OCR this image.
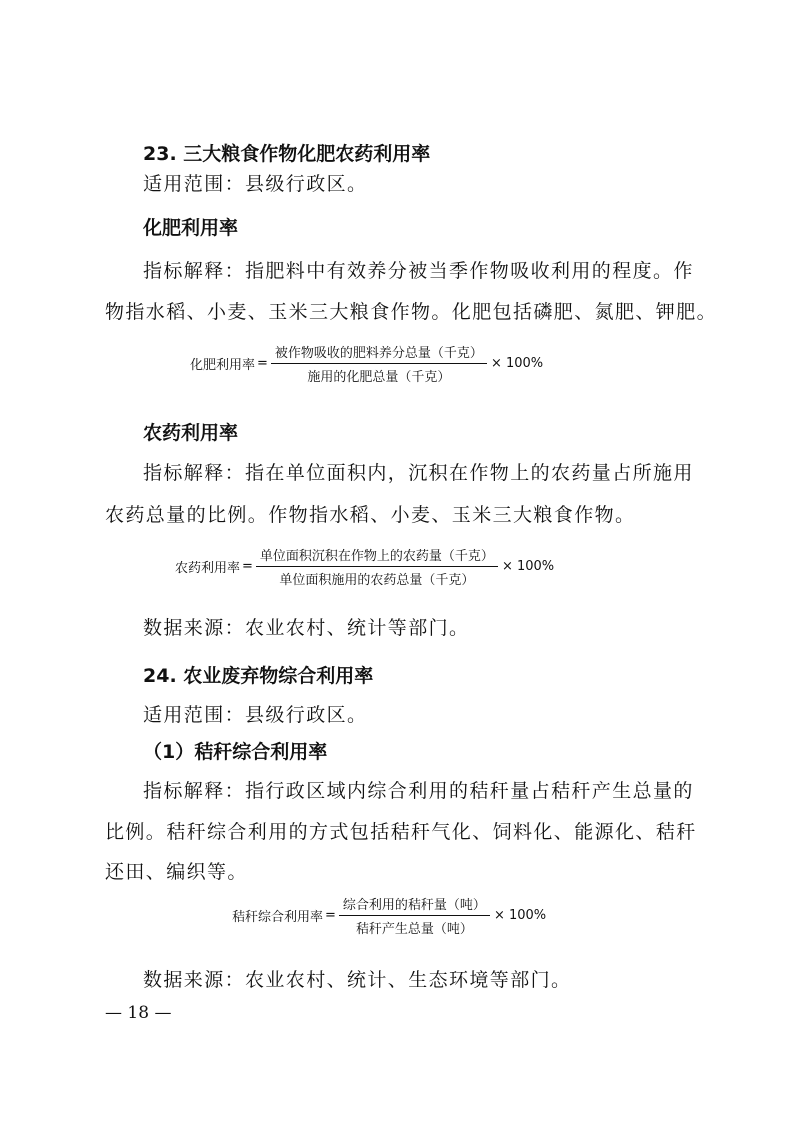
23. 三大粮食作物化肥农药利用率
适用范围：县级行政区。
化肥利用率
指标解释：指肥料中有效养分被当季作物吸收利用的程度。作
物指水稻、小麦、玉米三大粮食作物。化肥包括磷肥、氮肥、钾肥。
化肥利用率 = $\frac{\text{被作物吸收的肥料养分总量（千克）}}{\text{施用的化肥总量（千克）}} \times 100\%$
农药利用率
指标解释：指在单位面积内，沉积在作物上的农药量占所施用
农药总量的比例。作物指水稻、小麦、玉米三大粮食作物。
农药利用率 = $\frac{\text{单位面积沉积在作物上的农药量（千克）}}{\text{单位面积施用的农药总量（千克）}} \times 100\%$
数据来源：农业农村、统计等部门。
24. 农业废弃物综合利用率
适用范围：县级行政区。
（1）秸秆综合利用率
指标解释：指行政区域内综合利用的秸秆量占秸秆产生总量的
比例。秸秆综合利用的方式包括秸秆气化、饲料化、能源化、秸秆
还田、编织等。
秸秆综合利用率 = $\frac{\text{综合利用的秸秆量（吨）}}{\text{秸秆产生总量（吨）}} \times 100\%$
数据来源：农业农村、统计、生态环境等部门。
— 18 —
